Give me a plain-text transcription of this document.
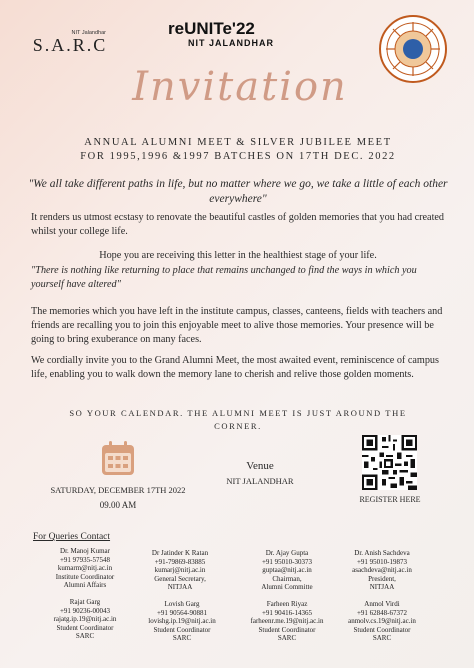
NIT Jalandhar
S.A.R.C
reUNITe'22
NIT JALANDHAR
Invitation
ANNUAL ALUMNI MEET & SILVER JUBILEE MEET
FOR 1995,1996 &1997 BATCHES ON 17TH DEC. 2022
"We all take different paths in life, but no matter where we go, we take a little of each other everywhere"
It renders us utmost ecstasy to renovate the beautiful castles of golden memories that you had created whilst your college life.
Hope you are receiving this letter in the healthiest stage of your life.
"There is nothing like returning to place that remains unchanged to find the ways in which you yourself have altered"
The memories which you have left in the institute campus, classes, canteens, fields with teachers and friends are recalling you to join this enjoyable meet to alive those memories. Your presence will be going to bring exuberance on many faces.
We cordially invite you to the Grand Alumni Meet, the most awaited event, reminiscence of campus life, enabling you to walk down the memory lane to cherish and relive those golden moments.
SO YOUR CALENDAR. THE ALUMNI MEET IS JUST AROUND THE
CORNER.
SATURDAY, DECEMBER 17TH 2022
09.00 AM
Venue
NIT JALANDHAR
REGISTER HERE
For Queries Contact
Dr. Manoj Kumar
+91 97935-57548
kumarm@nitj.ac.in
Institute Coordinator
Alumni Affairs
Dr Jatinder K Ratan
+91-79869-83885
kumarj@nitj.ac.in
General Secretary,
NITJAA
Dr. Ajay Gupta
+91 95010-30373
guptaa@nitj.ac.in
Chairman,
Alumni Committe
Dr. Anish Sachdeva
+91 95010-19873
asachdeva@nitj.ac.in
President,
NITJAA
Rajat Garg
+91 90236-00043
rajatg.ip.19@nitj.ac.in
Student Coordinator
SARC
Lovish Garg
+91 90564-90881
lovishg.ip.19@nitj.ac.in
Student Coordinator
SARC
Farheen Riyaz
+91 90416-14365
farheenr.me.19@nitj.ac.in
Student Coordinator
SARC
Anmol Virdi
+91 62848-67372
anmolv.cs.19@nitj.ac.in
Student Coordinator
SARC
